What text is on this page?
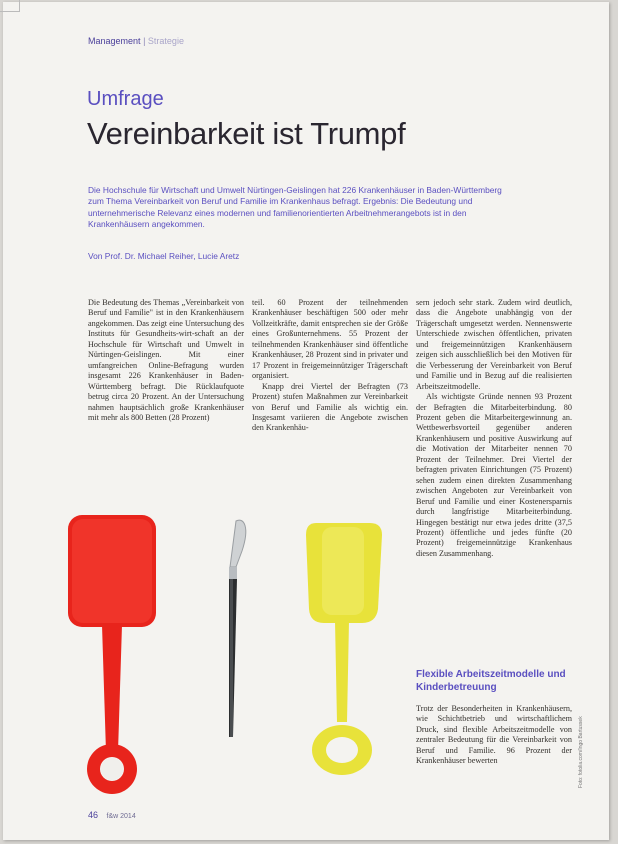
Management | Strategie
Umfrage
Vereinbarkeit ist Trumpf

Die Hochschule für Wirtschaft und Umwelt Nürtingen-Geislingen hat 226 Krankenhäuser in Baden-Württemberg zum Thema Vereinbarkeit von Beruf und Familie im Krankenhaus befragt. Ergebnis: Die Bedeutung und unternehmerische Relevanz eines modernen und familienorientierten Arbeitnehmerangebots ist in den Krankenhäusern angekommen.

Von Prof. Dr. Michael Reiher, Lucie Aretz

Die Bedeutung des Themas „Vereinbarkeit von Beruf und Familie" ist in den Krankenhäusern angekommen. Das zeigt eine Untersuchung des Instituts für Gesundheits-wirt-schaft an der Hochschule für Wirtschaft und Umwelt in Nürtingen-Geislingen. Mit einer umfangreichen Online-Befragung wurden insgesamt 226 Krankenhäuser in Baden-Württemberg befragt. Die Rücklaufquote betrug circa 20 Prozent. An der Untersuchung nahmen hauptsächlich große Krankenhäuser mit mehr als 800 Betten (28 Prozent)

teil. 60 Prozent der teilnehmenden Krankenhäuser beschäftigen 500 oder mehr Vollzeitkräfte, damit entsprechen sie der Größe eines Großunternehmens. 55 Prozent der teilnehmenden Krankenhäuser sind öffentliche Krankenhäuser, 28 Prozent sind in privater und 17 Prozent in freigemeinnütziger Trägerschaft organisiert.

Knapp drei Viertel der Befragten (73 Prozent) stufen Maßnahmen zur Vereinbarkeit von Beruf und Familie als wichtig ein. Insgesamt variieren die Angebote zwischen den Krankenhäu-

sern jedoch sehr stark. Zudem wird deutlich, dass die Angebote unabhängig von der Trägerschaft umgesetzt werden. Nennenswerte Unterschiede zwischen öffentlichen, privaten und freigemeinnützigen Krankenhäusern zeigen sich ausschließlich bei den Motiven für die Verbesserung der Vereinbarkeit von Beruf und Familie und in Bezug auf die realisierten Arbeitszeitmodelle.

Als wichtigste Gründe nennen 93 Prozent der Befragten die Mitarbeiterbindung. 80 Prozent geben die Mitarbeitergewinnung an. Wettbewerbsvorteil gegenüber anderen Krankenhäusern und positive Auswirkung auf die Motivation der Mitarbeiter nennen 70 Prozent der Teilnehmer. Drei Viertel der befragten privaten Einrichtungen (75 Prozent) sehen zudem einen direkten Zusammenhang zwischen Angeboten zur Vereinbarkeit von Beruf und Familie und einer Kostenersparnis durch langfristige Mitarbeiterbindung. Hingegen bestätigt nur etwa jedes dritte (37,5 Prozent) öffentliche und jedes fünfte (20 Prozent) freigemeinnützige Krankenhaus diesen Zusammenhang.

Flexible Arbeitszeitmodelle und Kinderbetreuung

Trotz der Besonderheiten in Krankenhäusern, wie Schichtbetrieb und wirtschaftlichem Druck, sind flexible Arbeitszeitmodelle von zentraler Bedeutung für die Vereinbarkeit von Beruf und Familie. 96 Prozent der Krankenhäuser bewerten	Foto: fotolia.com/Ingo Bartussek
46 f&w 2014
